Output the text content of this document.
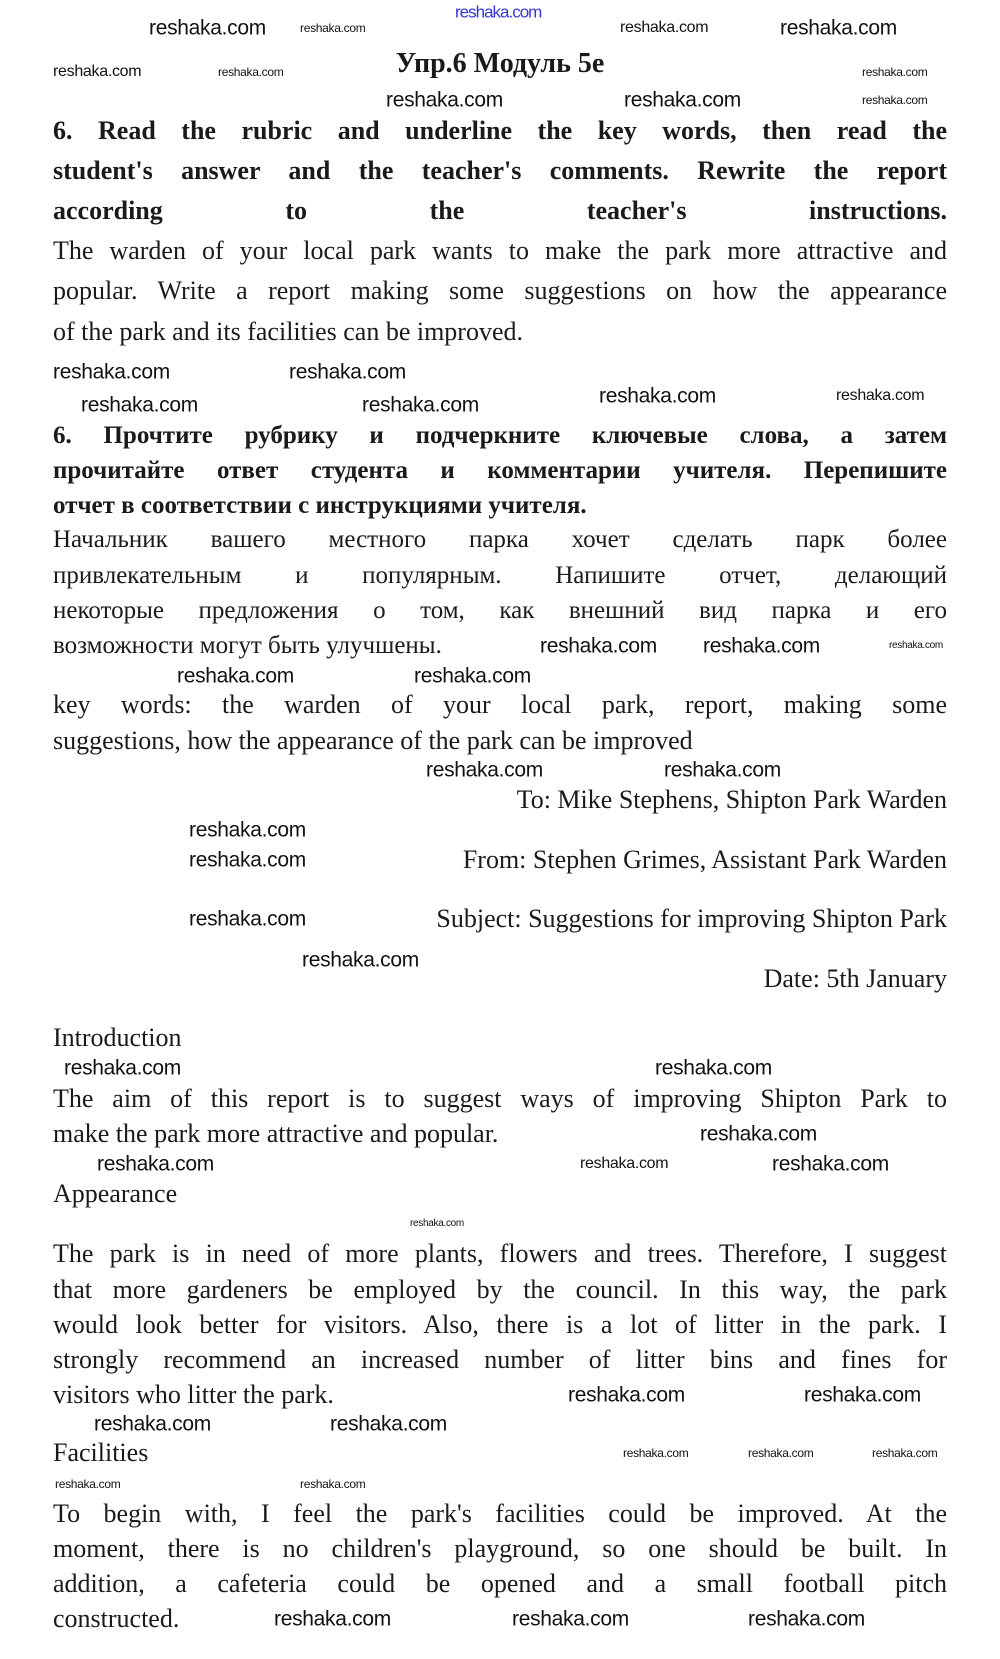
Упр.6 Модуль 5е
6. Read the rubric and underline the key words, then read the
student's answer and the teacher's comments. Rewrite the report
according to the teacher's instructions.
The warden of your local park wants to make the park more attractive and
popular. Write a report making some suggestions on how the appearance
of the park and its facilities can be improved.
6. Прочтите рубрику и подчеркните ключевые слова, а затем
прочитайте ответ студента и комментарии учителя. Перепишите
отчет в соответствии с инструкциями учителя.
Начальник вашего местного парка хочет сделать парк более
привлекательным и популярным. Напишите отчет, делающий
некоторые предложения о том, как внешний вид парка и его
возможности могут быть улучшены.
key words: the warden of your local park, report, making some
suggestions, how the appearance of the park can be improved
To: Mike Stephens, Shipton Park Warden
From: Stephen Grimes, Assistant Park Warden
Subject: Suggestions for improving Shipton Park
Date: 5th January
Introduction
The aim of this report is to suggest ways of improving Shipton Park to
make the park more attractive and popular.
Appearance
The park is in need of more plants, flowers and trees. Therefore, I suggest
that more gardeners be employed by the council. In this way, the park
would look better for visitors. Also, there is a lot of litter in the park. I
strongly recommend an increased number of litter bins and fines for
visitors who litter the park.
Facilities
To begin with, I feel the park's facilities could be improved. At the
moment, there is no children's playground, so one should be built. In
addition, a cafeteria could be opened and a small football pitch
constructed.
reshaka.com
reshaka.com	reshaka.com	reshaka.com	reshaka.com
reshaka.com	reshaka.com	reshaka.com
reshaka.com	reshaka.com	reshaka.com
reshaka.com	reshaka.com
reshaka.com	reshaka.com
reshaka.com	reshaka.com
reshaka.com
reshaka.com	reshaka.com
reshaka.com	reshaka.com
reshaka.com
reshaka.com
reshaka.com
reshaka.com
reshaka.com
reshaka.com
reshaka.com	reshaka.com
reshaka.com
reshaka.com	reshaka.com	reshaka.com
reshaka.com
reshaka.com	reshaka.com
reshaka.com	reshaka.com
reshaka.com	reshaka.com	reshaka.com
reshaka.com	reshaka.com
reshaka.com	reshaka.com	reshaka.com
